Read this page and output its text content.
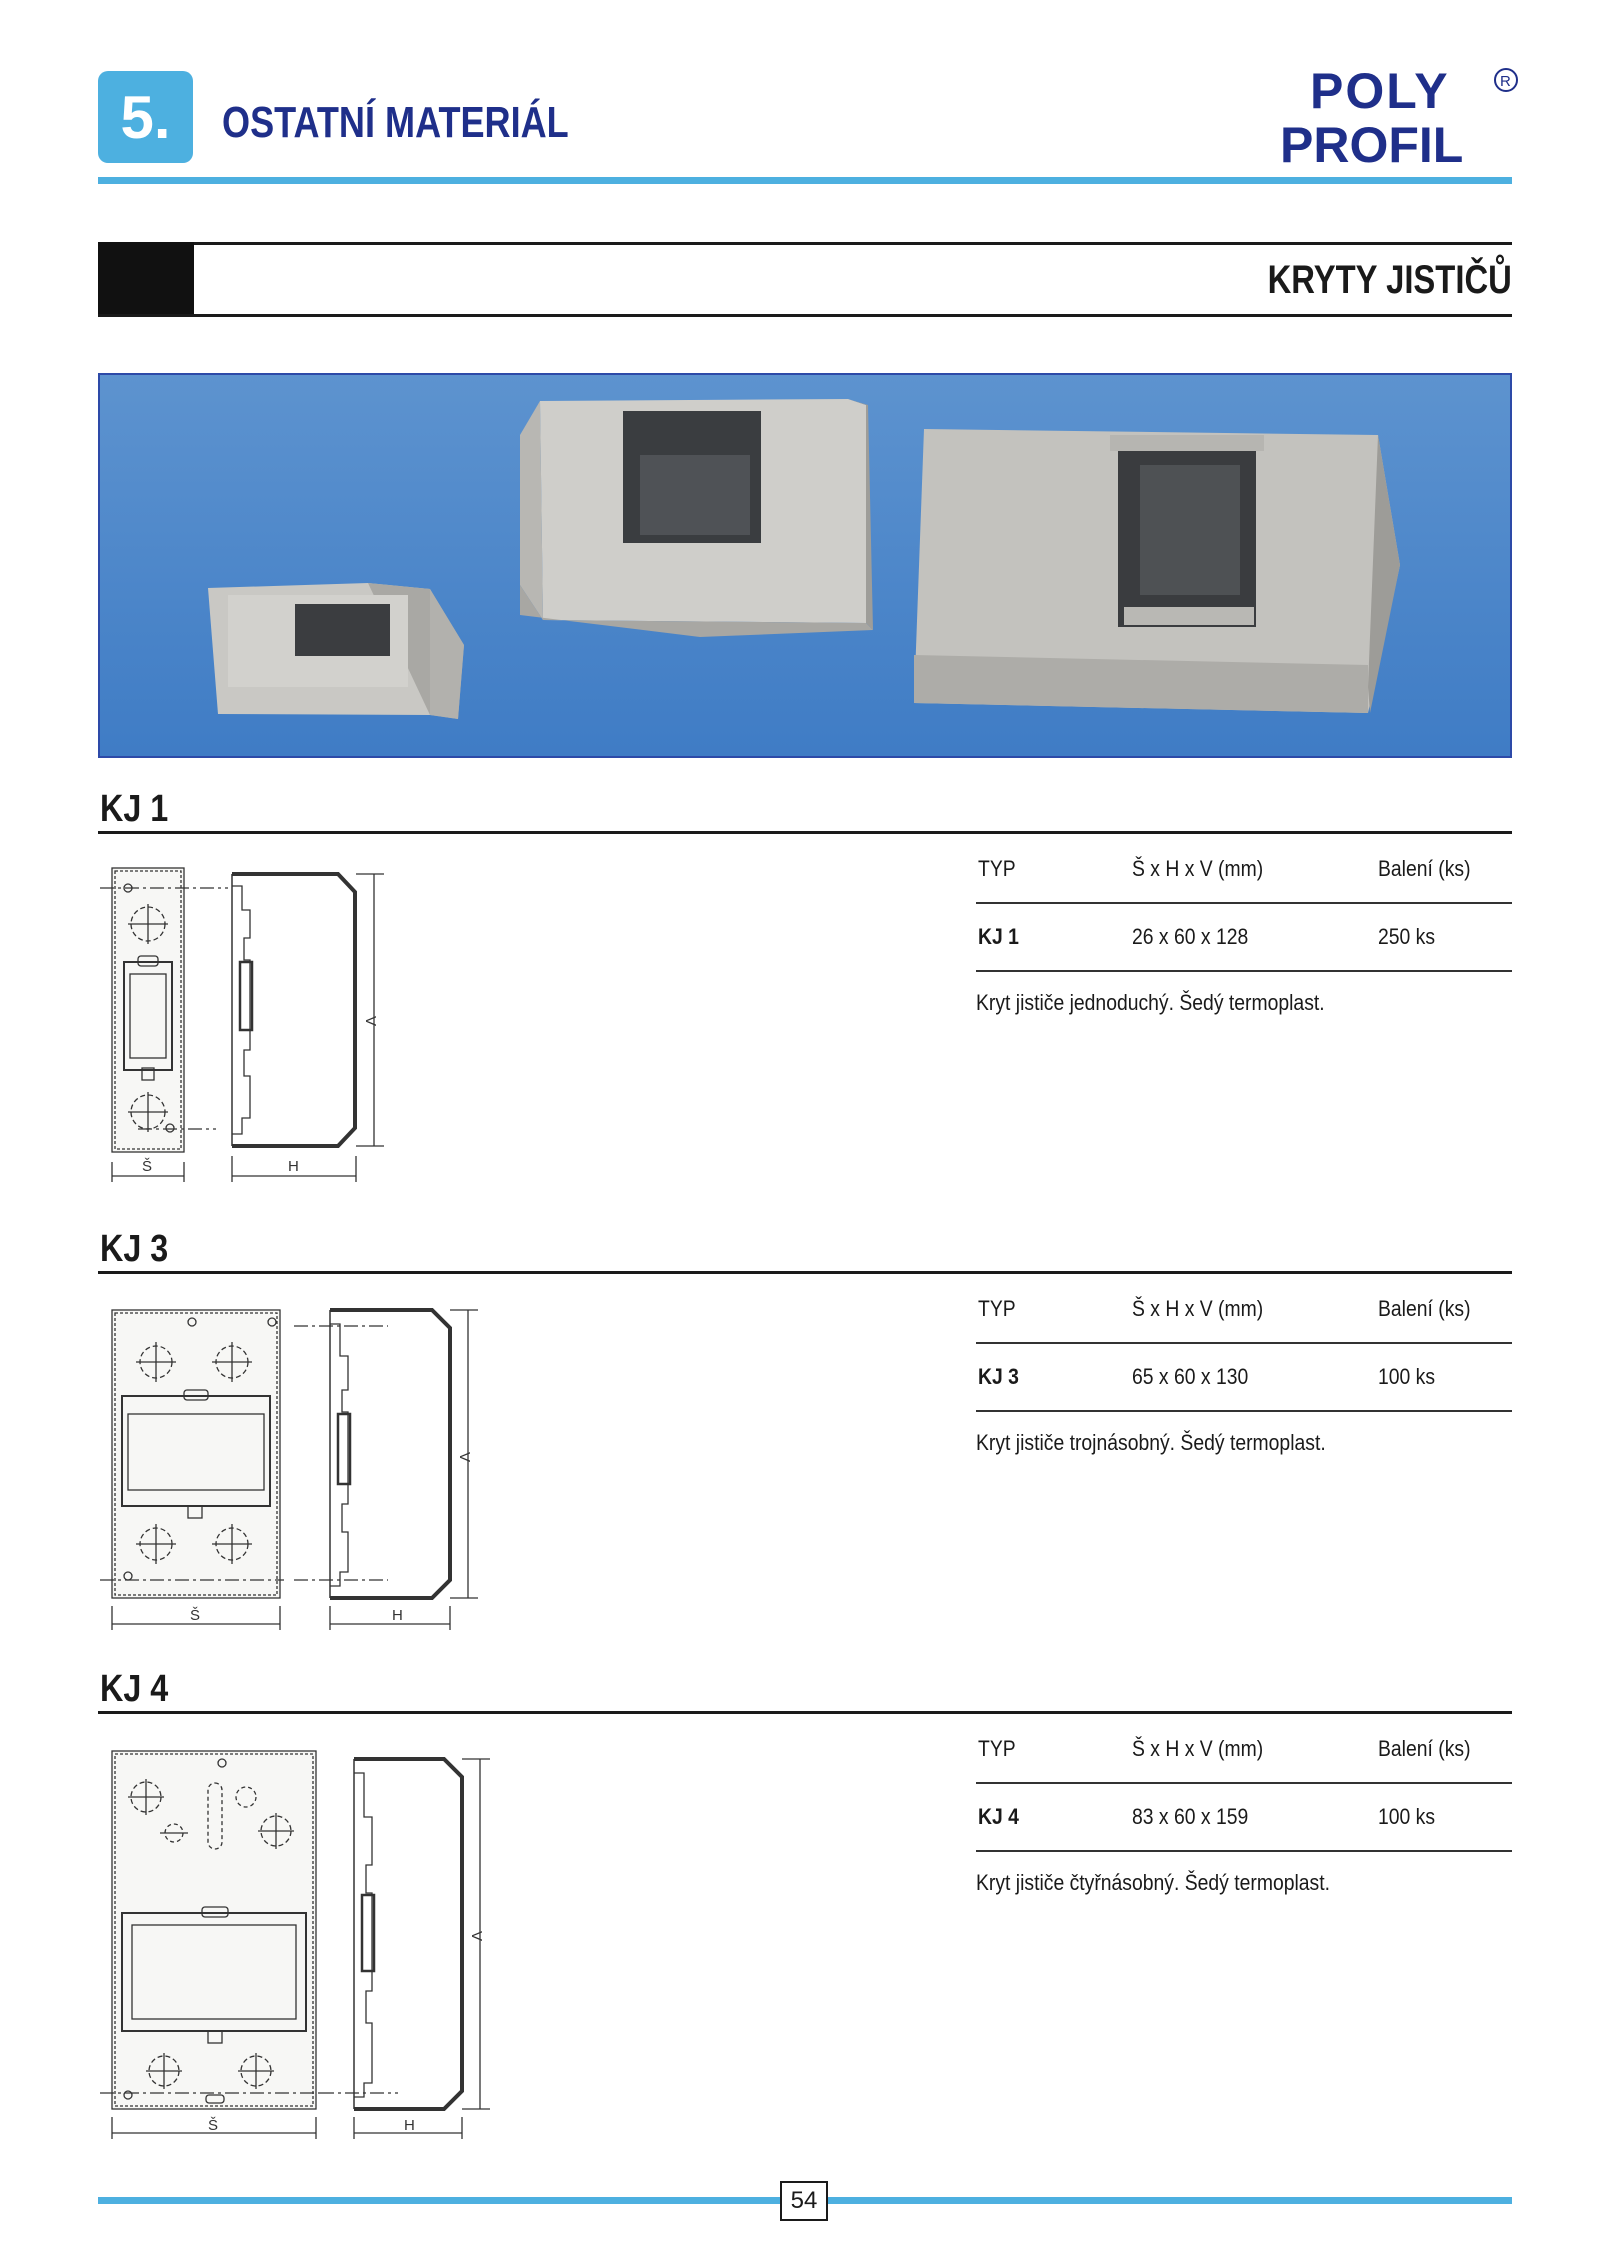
5. OSTATNÍ MATERIÁL
POLY
PROFIL
R
KRYTY JISTIČŮ
KJ 1
Š	H
V
TYP	Š x H x V (mm)	Balení (ks)
KJ 1	26 x 60 x 128	250 ks
Kryt jističe jednoduchý. Šedý termoplast.
KJ 3
Š	H
V
TYP	Š x H x V (mm)	Balení (ks)
KJ 3	65 x 60 x 130	100 ks
Kryt jističe trojnásobný. Šedý termoplast.
KJ 4
Š	H
V
TYP	Š x H x V (mm)	Balení (ks)
KJ 4	83 x 60 x 159	100 ks
Kryt jističe čtyřnásobný. Šedý termoplast.
54
